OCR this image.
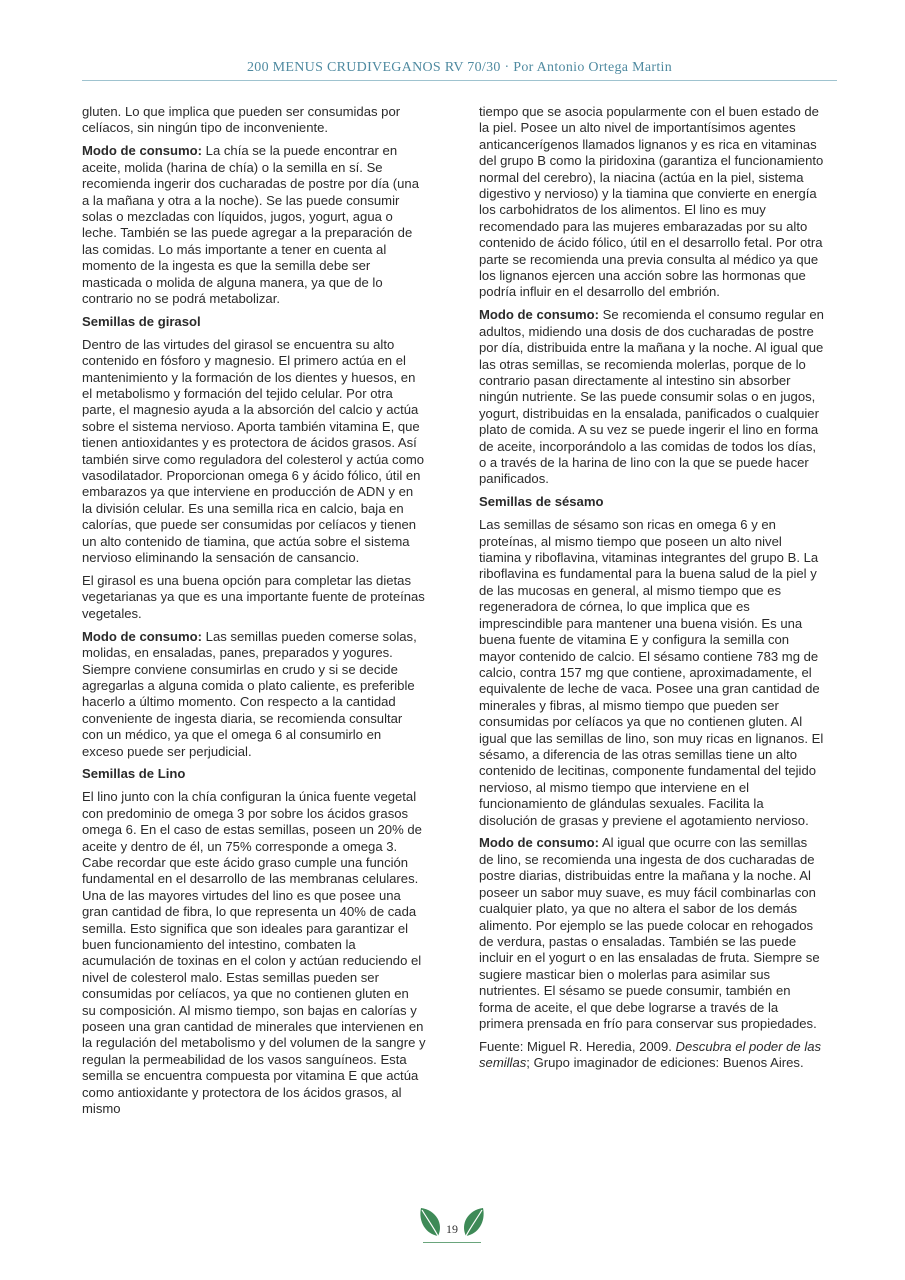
200 MENUS CRUDIVEGANOS RV 70/30 · Por Antonio Ortega Martin

gluten. Lo que implica que pueden ser consumidas por celíacos, sin ningún tipo de inconveniente.

Modo de consumo: La chía se la puede encontrar en aceite, molida (harina de chía) o la semilla en sí. Se recomienda ingerir dos cucharadas de postre por día (una a la mañana y otra a la noche). Se las puede consumir solas o mezcladas con líquidos, jugos, yogurt, agua o leche. También se las puede agregar a la preparación de las comidas. Lo más importante a tener en cuenta al momento de la ingesta es que la semilla debe ser masticada o molida de alguna manera, ya que de lo contrario no se podrá metabolizar.

Semillas de girasol

Dentro de las virtudes del girasol se encuentra su alto contenido en fósforo y magnesio. El primero actúa en el mantenimiento y la formación de los dientes y huesos, en el metabolismo y formación del tejido celular. Por otra parte, el magnesio ayuda a la absorción del calcio y actúa sobre el sistema nervioso. Aporta también vitamina E, que tienen antioxidantes y es protectora de ácidos grasos. Así también sirve como reguladora del colesterol y actúa como vasodilatador. Proporcionan omega 6 y ácido fólico, útil en embarazos ya que interviene en producción de ADN y en la división celular. Es una semilla rica en calcio, baja en calorías, que puede ser consumidas por celíacos y tienen un alto contenido de tiamina, que actúa sobre el sistema nervioso eliminando la sensación de cansancio.

El girasol es una buena opción para completar las dietas vegetarianas ya que es una importante fuente de proteínas vegetales.

Modo de consumo: Las semillas pueden comerse solas, molidas, en ensaladas, panes, preparados y yogures. Siempre conviene consumirlas en crudo y si se decide agregarlas a alguna comida o plato caliente, es preferible hacerlo a último momento. Con respecto a la cantidad conveniente de ingesta diaria, se recomienda consultar con un médico, ya que el omega 6 al consumirlo en exceso puede ser perjudicial.

Semillas de Lino

El lino junto con la chía configuran la única fuente vegetal con predominio de omega 3 por sobre los ácidos grasos omega 6. En el caso de estas semillas, poseen un 20% de aceite y dentro de él, un 75% corresponde a omega 3. Cabe recordar que este ácido graso cumple una función fundamental en el desarrollo de las membranas celulares. Una de las mayores virtudes del lino es que posee una gran cantidad de fibra, lo que representa un 40% de cada semilla. Esto significa que son ideales para garantizar el buen funcionamiento del intestino, combaten la acumulación de toxinas en el colon y actúan reduciendo el nivel de colesterol malo. Estas semillas pueden ser consumidas por celíacos, ya que no contienen gluten en su composición. Al mismo tiempo, son bajas en calorías y poseen una gran cantidad de minerales que intervienen en la regulación del metabolismo y del volumen de la sangre y regulan la permeabilidad de los vasos sanguíneos. Esta semilla se encuentra compuesta por vitamina E que actúa como antioxidante y protectora de los ácidos grasos, al mismo

tiempo que se asocia popularmente con el buen estado de la piel. Posee un alto nivel de importantísimos agentes anticancerígenos llamados lignanos y es rica en vitaminas del grupo B como la piridoxina (garantiza el funcionamiento normal del cerebro), la niacina (actúa en la piel, sistema digestivo y nervioso) y la tiamina que convierte en energía los carbohidratos de los alimentos. El lino es muy recomendado para las mujeres embarazadas por su alto contenido de ácido fólico, útil en el desarrollo fetal. Por otra parte se recomienda una previa consulta al médico ya que los lignanos ejercen una acción sobre las hormonas que podría influir en el desarrollo del embrión.

Modo de consumo: Se recomienda el consumo regular en adultos, midiendo una dosis de dos cucharadas de postre por día, distribuida entre la mañana y la noche. Al igual que las otras semillas, se recomienda molerlas, porque de lo contrario pasan directamente al intestino sin absorber ningún nutriente. Se las puede consumir solas o en jugos, yogurt, distribuidas en la ensalada, panificados o cualquier plato de comida. A su vez se puede ingerir el lino en forma de aceite, incorporándolo a las comidas de todos los días, o a través de la harina de lino con la que se puede hacer panificados.

Semillas de sésamo

Las semillas de sésamo son ricas en omega 6 y en proteínas, al mismo tiempo que poseen un alto nivel tiamina y riboflavina, vitaminas integrantes del grupo B. La riboflavina es fundamental para la buena salud de la piel y de las mucosas en general, al mismo tiempo que es regeneradora de córnea, lo que implica que es imprescindible para mantener una buena visión. Es una buena fuente de vitamina E y configura la semilla con mayor contenido de calcio. El sésamo contiene 783 mg de calcio, contra 157 mg que contiene, aproximadamente, el equivalente de leche de vaca. Posee una gran cantidad de minerales y fibras, al mismo tiempo que pueden ser consumidas por celíacos ya que no contienen gluten. Al igual que las semillas de lino, son muy ricas en lignanos. El sésamo, a diferencia de las otras semillas tiene un alto contenido de lecitinas, componente fundamental del tejido nervioso, al mismo tiempo que interviene en el funcionamiento de glándulas sexuales. Facilita la disolución de grasas y previene el agotamiento nervioso.

Modo de consumo: Al igual que ocurre con las semillas de lino, se recomienda una ingesta de dos cucharadas de postre diarias, distribuidas entre la mañana y la noche. Al poseer un sabor muy suave, es muy fácil combinarlas con cualquier plato, ya que no altera el sabor de los demás alimento. Por ejemplo se las puede colocar en rehogados de verdura, pastas o ensaladas. También se las puede incluir en el yogurt o en las ensaladas de fruta. Siempre se sugiere masticar bien o molerlas para asimilar sus nutrientes. El sésamo se puede consumir, también en forma de aceite, el que debe lograrse a través de la primera prensada en frío para conservar sus propiedades.

Fuente: Miguel R. Heredia, 2009. Descubra el poder de las semillas; Grupo imaginador de ediciones: Buenos Aires.

19
